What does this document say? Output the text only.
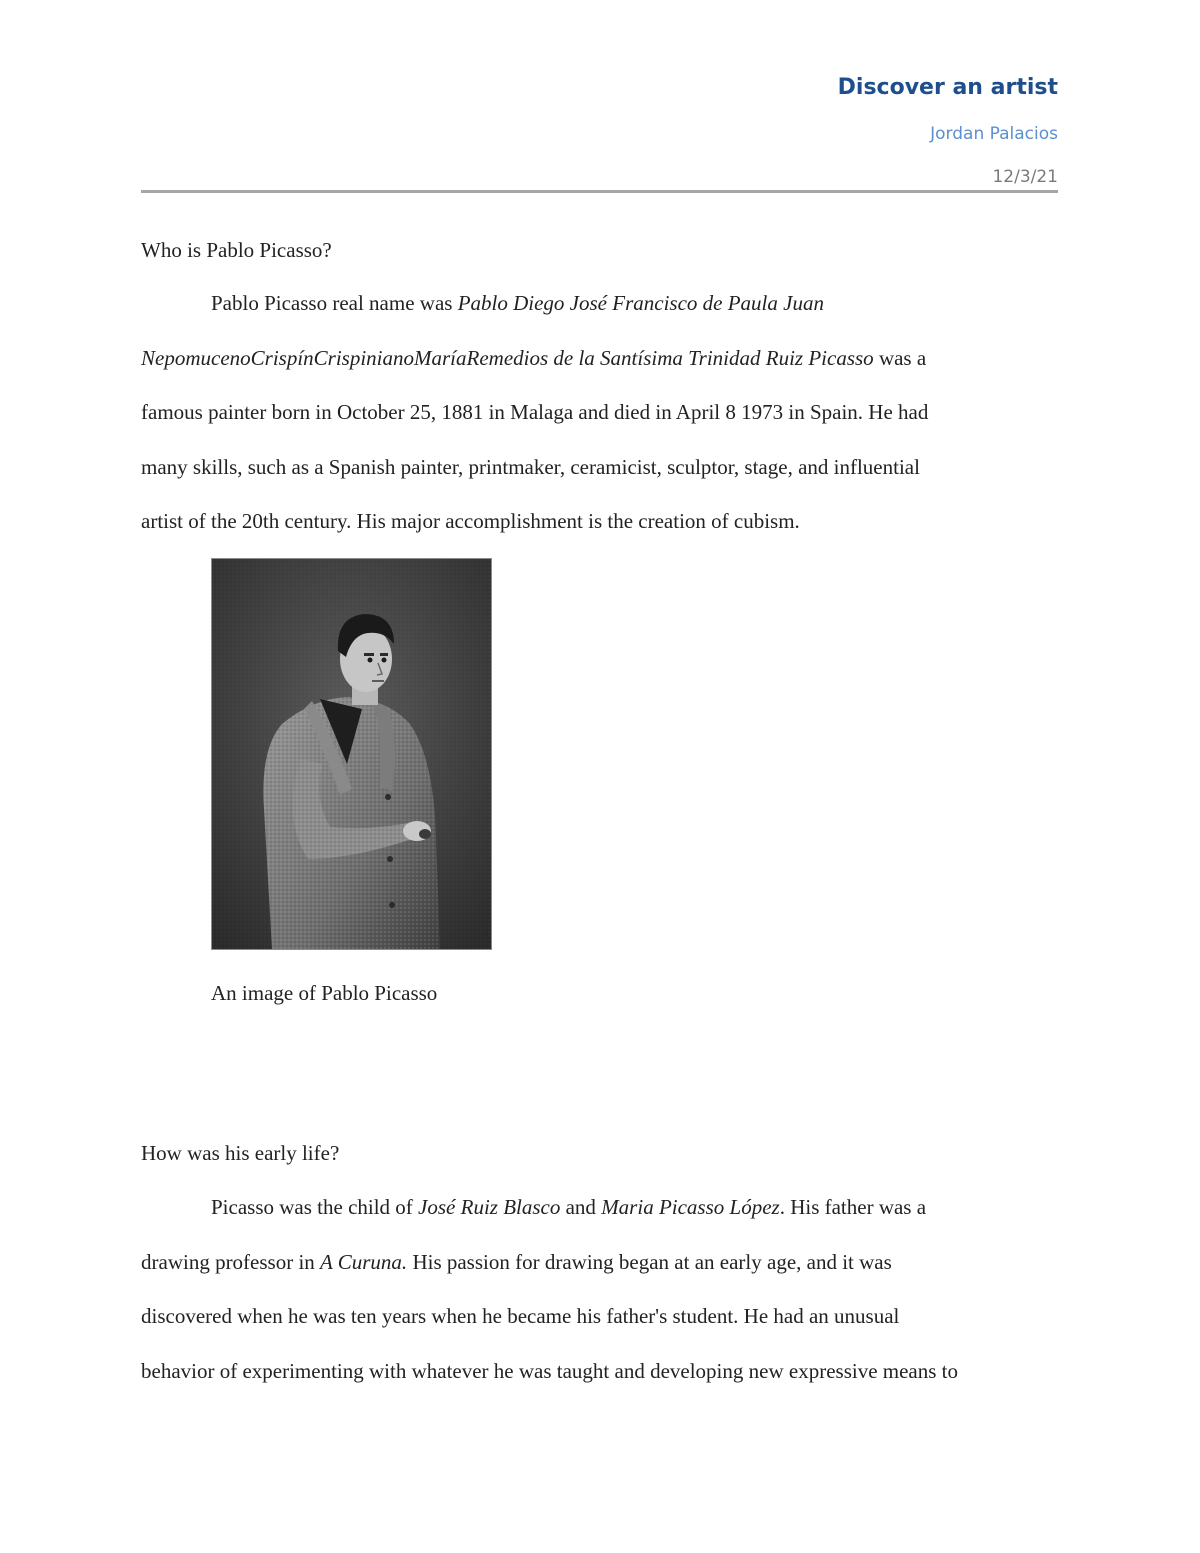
Discover an artist
Jordan Palacios
12/3/21
Who is Pablo Picasso?
Pablo Picasso real name was Pablo Diego José Francisco de Paula Juan
NepomucenoCrispínCrispinianoMaríaRemedios de la Santísima Trinidad Ruiz Picasso was a
famous painter born in October 25, 1881 in Malaga and died in April 8 1973 in Spain. He had
many skills, such as a Spanish painter, printmaker, ceramicist, sculptor, stage, and influential
artist of the 20th century. His major accomplishment is the creation of cubism.
An image of Pablo Picasso
How was his early life?
Picasso was the child of José Ruiz Blasco and Maria Picasso López. His father was a
drawing professor in A Curuna. His passion for drawing began at an early age, and it was
discovered when he was ten years when he became his father's student. He had an unusual
behavior of experimenting with whatever he was taught and developing new expressive means to
